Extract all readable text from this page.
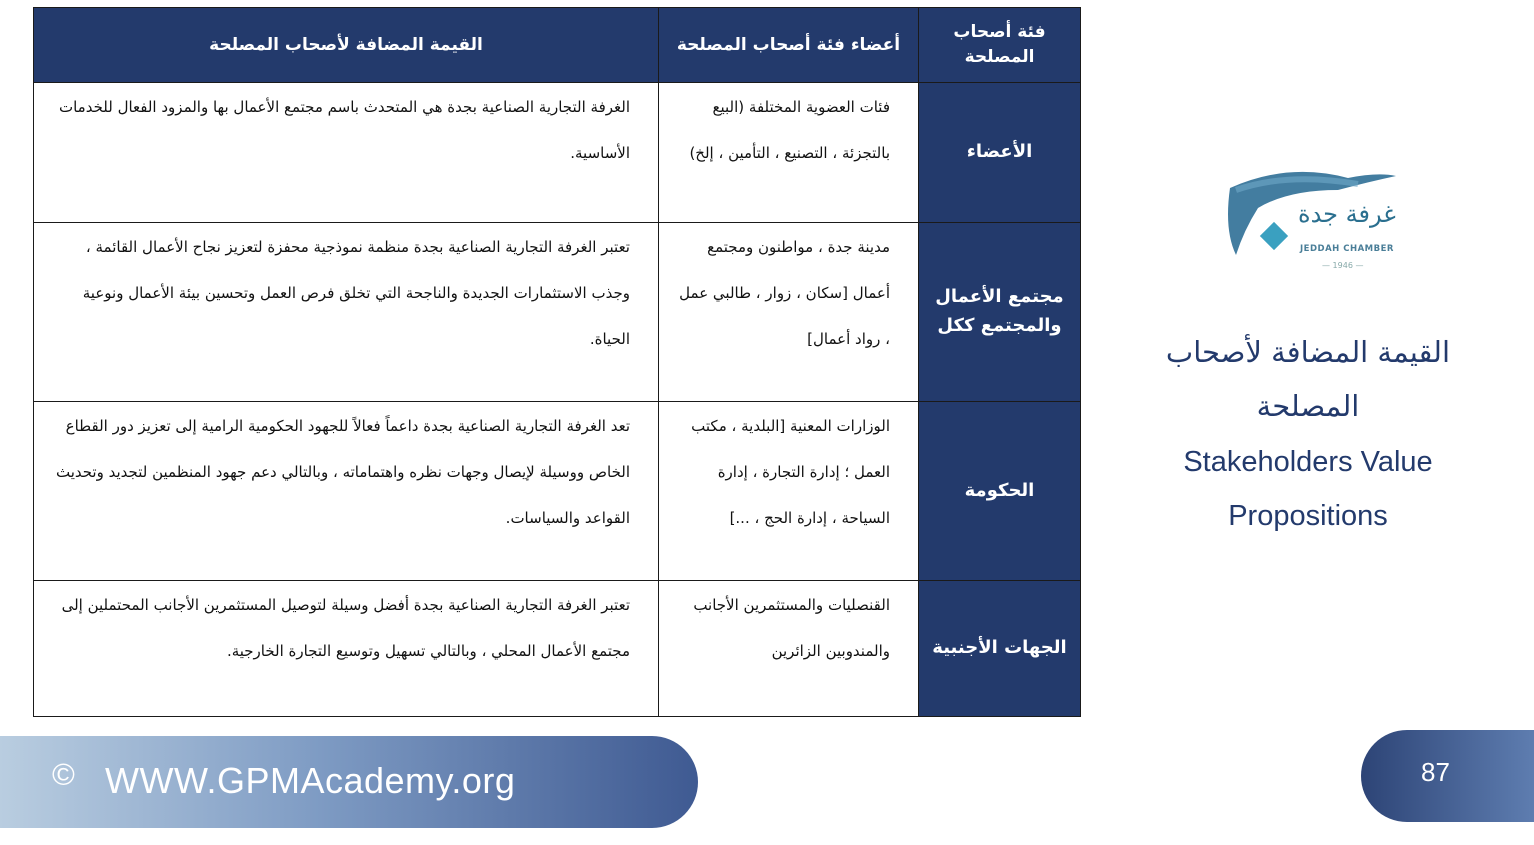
فئة أصحاب المصلحة	أعضاء فئة أصحاب المصلحة	القيمة المضافة لأصحاب المصلحة
الأعضاء	فئات العضوية المختلفة (البيع بالتجزئة ، التصنيع ، التأمين ، إلخ)	الغرفة التجارية الصناعية بجدة هي المتحدث باسم مجتمع الأعمال بها والمزود الفعال للخدمات الأساسية.
مجتمع الأعمال والمجتمع ككل	مدينة جدة ، مواطنون ومجتمع أعمال [سكان ، زوار ، طالبي عمل ، رواد أعمال]	تعتبر الغرفة التجارية الصناعية بجدة منظمة نموذجية محفزة لتعزيز نجاح الأعمال القائمة ، وجذب الاستثمارات الجديدة والناجحة التي تخلق فرص العمل وتحسين بيئة الأعمال ونوعية الحياة.
الحكومة	الوزارات المعنية [البلدية ، مكتب العمل ؛ إدارة التجارة ، إدارة السياحة ، إدارة الحج ، ...]	تعد الغرفة التجارية الصناعية بجدة داعماً فعالاً للجهود الحكومية الرامية إلى تعزيز دور القطاع الخاص ووسيلة لإيصال وجهات نظره واهتماماته ، وبالتالي دعم جهود المنظمين لتجديد وتحديث القواعد والسياسات.
الجهات الأجنبية	القنصليات والمستثمرين الأجانب والمندوبين الزائرين	تعتبر الغرفة التجارية الصناعية بجدة أفضل وسيلة لتوصيل المستثمرين الأجانب المحتملين إلى مجتمع الأعمال المحلي ، وبالتالي تسهيل وتوسيع التجارة الخارجية.
غرفة جدة
JEDDAH CHAMBER
— 1946 —
القيمة المضافة لأصحاب المصلحة
Stakeholders Value Propositions
© WWW.GPMAcademy.org	87
